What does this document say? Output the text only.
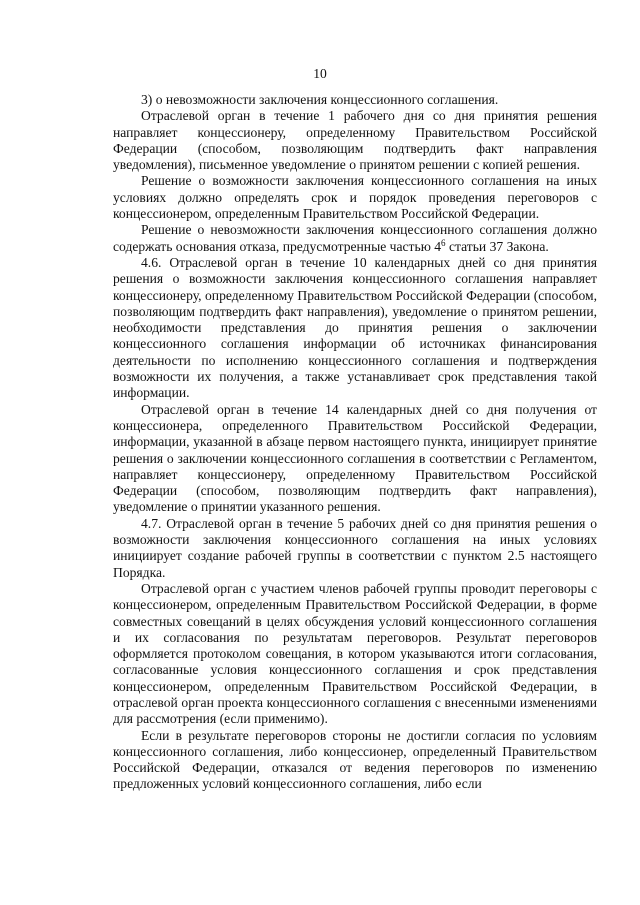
10

3) о невозможности заключения концессионного соглашения.

Отраслевой орган в течение 1 рабочего дня со дня принятия решения направляет концессионеру, определенному Правительством Российской Федерации (способом, позволяющим подтвердить факт направления уведомления), письменное уведомление о принятом решении с копией решения.

Решение о возможности заключения концессионного соглашения на иных условиях должно определять срок и порядок проведения переговоров с концессионером, определенным Правительством Российской Федерации.

Решение о невозможности заключения концессионного соглашения должно содержать основания отказа, предусмотренные частью $4^6$ статьи 37 Закона.

4.6. Отраслевой орган в течение 10 календарных дней со дня принятия решения о возможности заключения концессионного соглашения направляет концессионеру, определенному Правительством Российской Федерации (способом, позволяющим подтвердить факт направления), уведомление о принятом решении, необходимости представления до принятия решения о заключении концессионного соглашения информации об источниках финансирования деятельности по исполнению концессионного соглашения и подтверждения возможности их получения, а также устанавливает срок представления такой информации.

Отраслевой орган в течение 14 календарных дней со дня получения от концессионера, определенного Правительством Российской Федерации, информации, указанной в абзаце первом настоящего пункта, инициирует принятие решения о заключении концессионного соглашения в соответствии с Регламентом, направляет концессионеру, определенному Правительством Российской Федерации (способом, позволяющим подтвердить факт направления), уведомление о принятии указанного решения.

4.7. Отраслевой орган в течение 5 рабочих дней со дня принятия решения о возможности заключения концессионного соглашения на иных условиях инициирует создание рабочей группы в соответствии с пунктом 2.5 настоящего Порядка.

Отраслевой орган с участием членов рабочей группы проводит переговоры с концессионером, определенным Правительством Российской Федерации, в форме совместных совещаний в целях обсуждения условий концессионного соглашения и их согласования по результатам переговоров. Результат переговоров оформляется протоколом совещания, в котором указываются итоги согласования, согласованные условия концессионного соглашения и срок представления концессионером, определенным Правительством Российской Федерации, в отраслевой орган проекта концессионного соглашения с внесенными изменениями для рассмотрения (если применимо).

Если в результате переговоров стороны не достигли согласия по условиям концессионного соглашения, либо концессионер, определенный Правительством Российской Федерации, отказался от ведения переговоров по изменению предложенных условий концессионного соглашения, либо если
